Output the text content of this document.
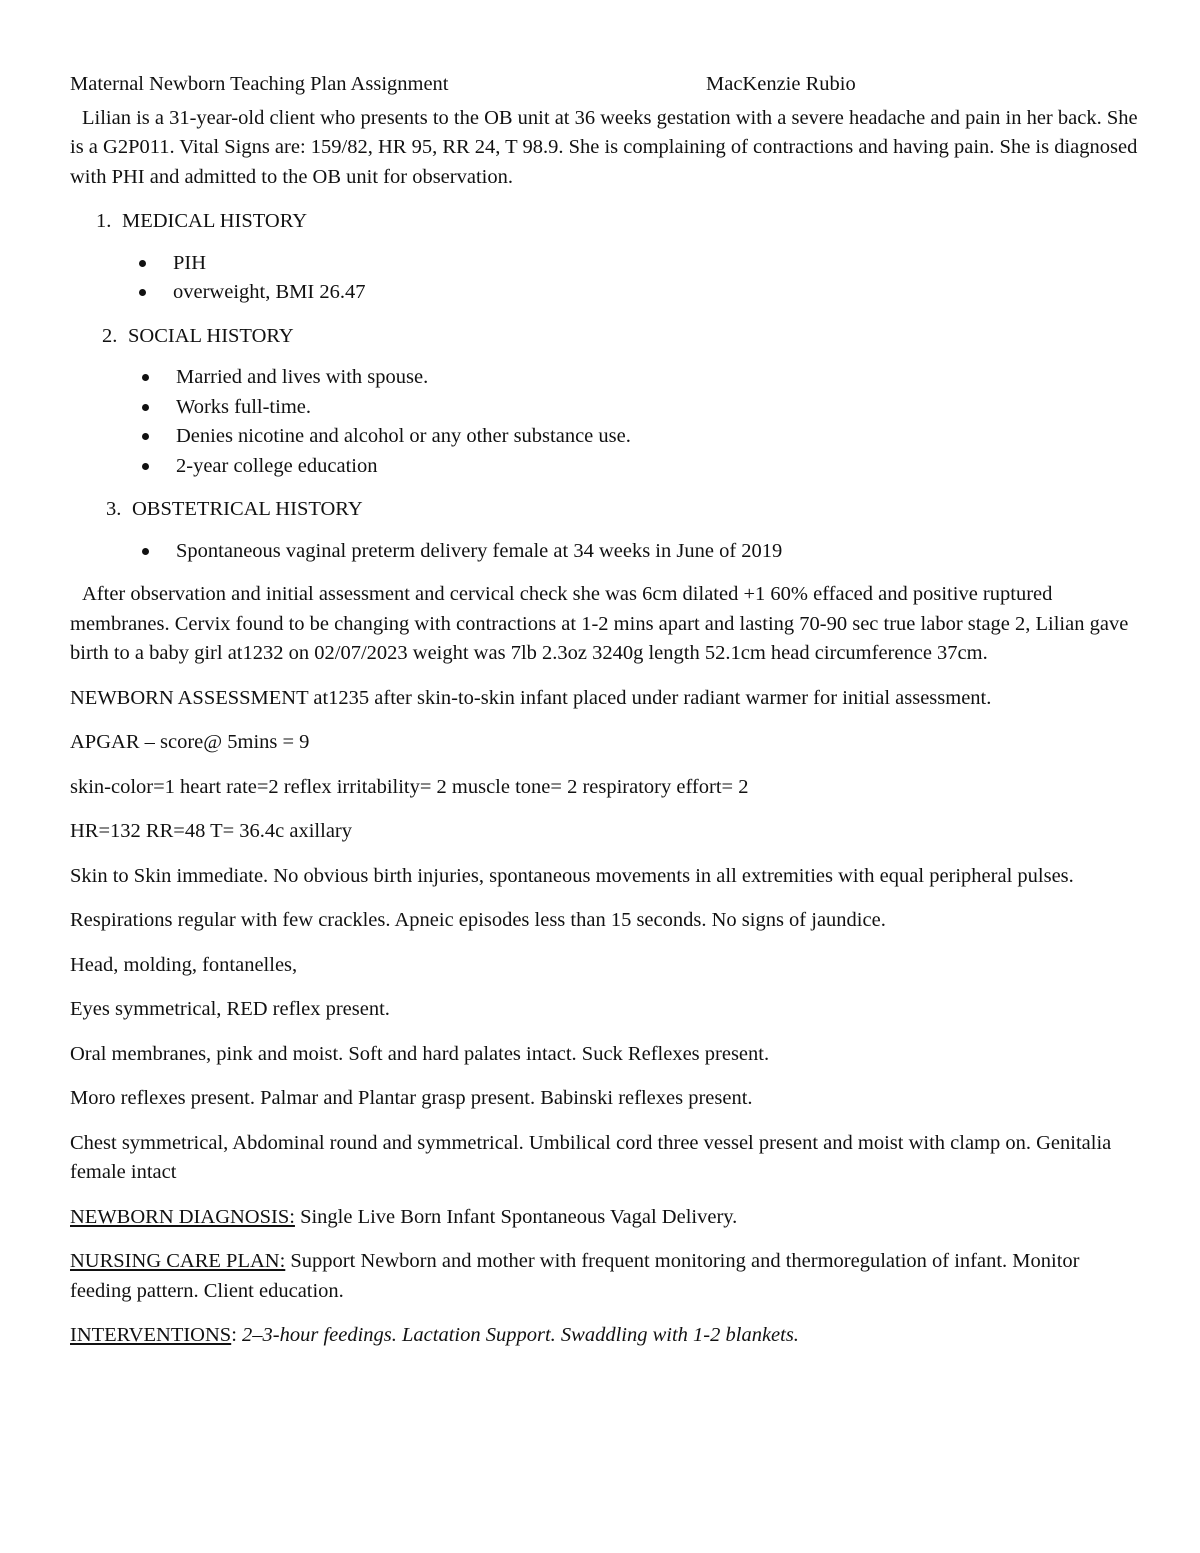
Maternal Newborn Teaching Plan Assignment	MacKenzie Rubio

Lilian is a 31-year-old client who presents to the OB unit at 36 weeks gestation with a severe headache and pain in her back. She is a G2P011. Vital Signs are: 159/82, HR 95, RR 24, T 98.9. She is complaining of contractions and having pain. She is diagnosed with PHI and admitted to the OB unit for observation.

1. MEDICAL HISTORY
PIH
overweight, BMI 26.47
2. SOCIAL HISTORY
Married and lives with spouse.
Works full-time.
Denies nicotine and alcohol or any other substance use.
2-year college education
3. OBSTETRICAL HISTORY
Spontaneous vaginal preterm delivery female at 34 weeks in June of 2019

After observation and initial assessment and cervical check she was 6cm dilated +1 60% effaced and positive ruptured membranes. Cervix found to be changing with contractions at 1-2 mins apart and lasting 70-90 sec true labor stage 2, Lilian gave birth to a baby girl at1232 on 02/07/2023 weight was 7lb 2.3oz 3240g length 52.1cm head circumference 37cm.

NEWBORN ASSESSMENT at1235 after skin-to-skin infant placed under radiant warmer for initial assessment.

APGAR – score@ 5mins = 9

skin-color=1 heart rate=2 reflex irritability= 2 muscle tone= 2 respiratory effort= 2

HR=132 RR=48 T= 36.4c axillary

Skin to Skin immediate. No obvious birth injuries, spontaneous movements in all extremities with equal peripheral pulses.

Respirations regular with few crackles. Apneic episodes less than 15 seconds. No signs of jaundice.

Head, molding, fontanelles,

Eyes symmetrical, RED reflex present.

Oral membranes, pink and moist. Soft and hard palates intact. Suck Reflexes present.

Moro reflexes present. Palmar and Plantar grasp present. Babinski reflexes present.

Chest symmetrical, Abdominal round and symmetrical. Umbilical cord three vessel present and moist with clamp on. Genitalia female intact

NEWBORN DIAGNOSIS: Single Live Born Infant Spontaneous Vagal Delivery.

NURSING CARE PLAN: Support Newborn and mother with frequent monitoring and thermoregulation of infant. Monitor feeding pattern. Client education.

INTERVENTIONS: 2–3-hour feedings. Lactation Support. Swaddling with 1-2 blankets.
